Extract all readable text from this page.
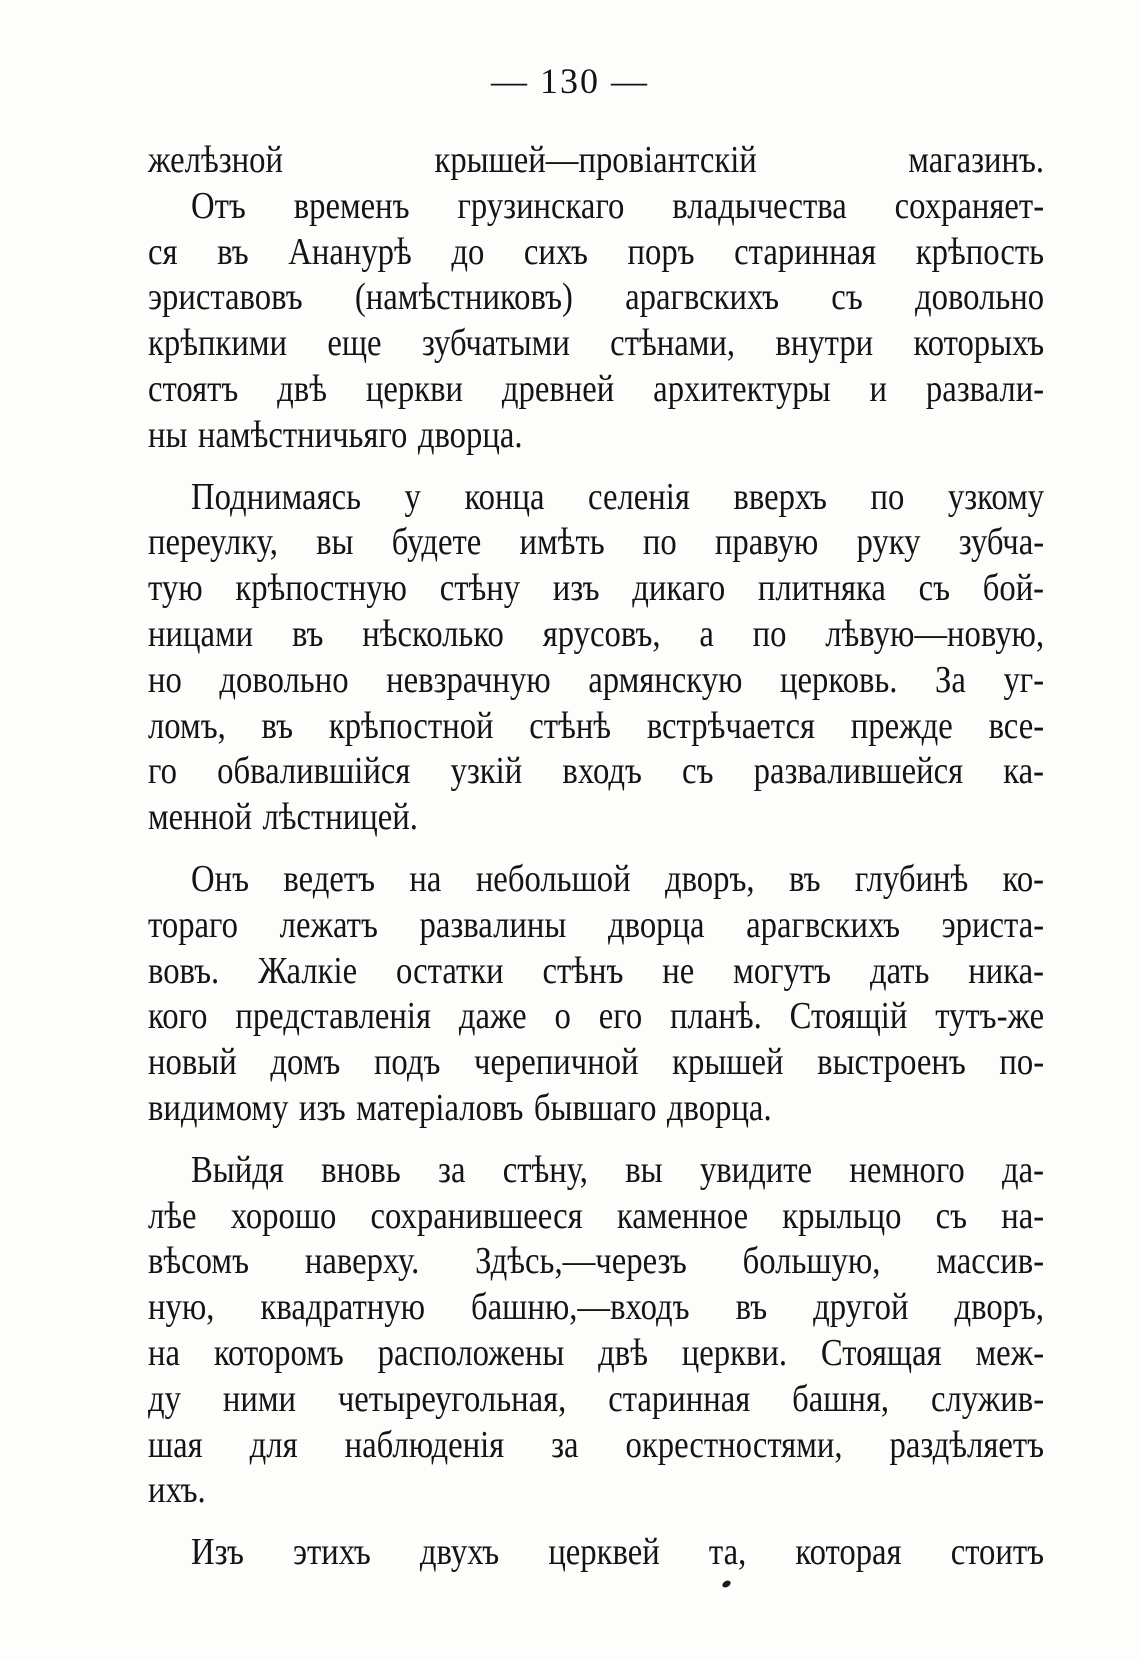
— 130 —
желѣзной	крышей—провіантскій	магазинъ.
Отъ временъ грузинскаго владычества сохраняет-
ся въ Ананурѣ до сихъ поръ старинная крѣпость
эриставовъ (намѣстниковъ) арагвскихъ съ довольно
крѣпкими еще зубчатыми стѣнами, внутри которыхъ
стоятъ двѣ церкви древней архитектуры и развали-
ны намѣстничьяго дворца.
Поднимаясь у конца селенія вверхъ по узкому
переулку, вы будете имѣть по правую руку зубча-
тую крѣпостную стѣну изъ дикаго плитняка съ бой-
ницами въ нѣсколько ярусовъ, а по лѣвую—новую,
но довольно невзрачную армянскую церковь. За уг-
ломъ, въ крѣпостной стѣнѣ встрѣчается прежде все-
го обвалившійся узкій входъ съ развалившейся ка-
менной лѣстницей.
Онъ ведетъ на небольшой дворъ, въ глубинѣ ко-
тораго лежатъ развалины дворца арагвскихъ эриста-
вовъ. Жалкіе остатки стѣнъ не могутъ дать ника-
кого представленія даже о его планѣ. Стоящій тутъ-же
новый домъ подъ черепичной крышей выстроенъ по-
видимому изъ матеріаловъ бывшаго дворца.
Выйдя вновь за стѣну, вы увидите немного да-
лѣе хорошо сохранившееся каменное крыльцо съ на-
вѣсомъ наверху. Здѣсь,—черезъ большую, массив-
ную, квадратную башню,—входъ въ другой дворъ,
на которомъ расположены двѣ церкви. Стоящая меж-
ду ними четыреугольная, старинная башня, служив-
шая для наблюденія за окрестностями, раздѣляетъ
ихъ.
Изъ этихъ двухъ церквей та, которая стоитъ
